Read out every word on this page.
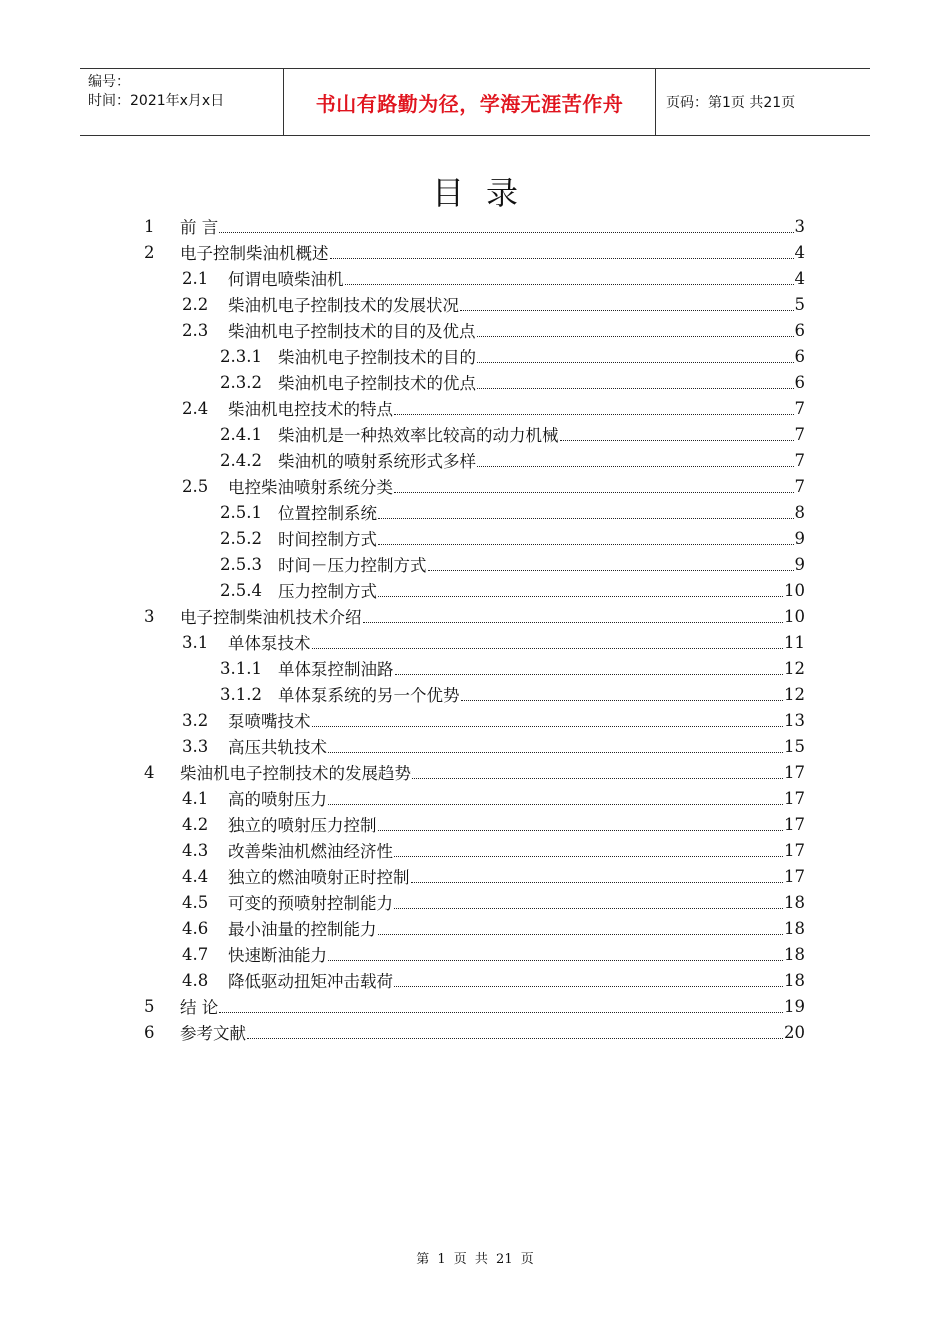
编号：
时间：2021年x月x日	书山有路勤为径，学海无涯苦作舟	页码：第1页 共21页
目录
1	前 言	3
2	电子控制柴油机概述	4
2.1	何谓电喷柴油机	4
2.2	柴油机电子控制技术的发展状况	5
2.3	柴油机电子控制技术的目的及优点	6
2.3.1 柴油机电子控制技术的目的	6
2.3.2 柴油机电子控制技术的优点	6
2.4	柴油机电控技术的特点	7
2.4.1 柴油机是一种热效率比较高的动力机械	7
2.4.2 柴油机的喷射系统形式多样	7
2.5	电控柴油喷射系统分类	7
2.5.1 位置控制系统	8
2.5.2 时间控制方式	9
2.5.3 时间－压力控制方式	9
2.5.4 压力控制方式	10
3	电子控制柴油机技术介绍	10
3.1	单体泵技术	11
3.1.1 单体泵控制油路	12
3.1.2 单体泵系统的另一个优势	12
3.2	泵喷嘴技术	13
3.3	高压共轨技术	15
4	柴油机电子控制技术的发展趋势	17
4.1	高的喷射压力	17
4.2	独立的喷射压力控制	17
4.3	改善柴油机燃油经济性	17
4.4	独立的燃油喷射正时控制	17
4.5	可变的预喷射控制能力	18
4.6	最小油量的控制能力	18
4.7	快速断油能力	18
4.8	降低驱动扭矩冲击载荷	18
5	结 论	19
6	参考文献	20
第 1 页 共 21 页
